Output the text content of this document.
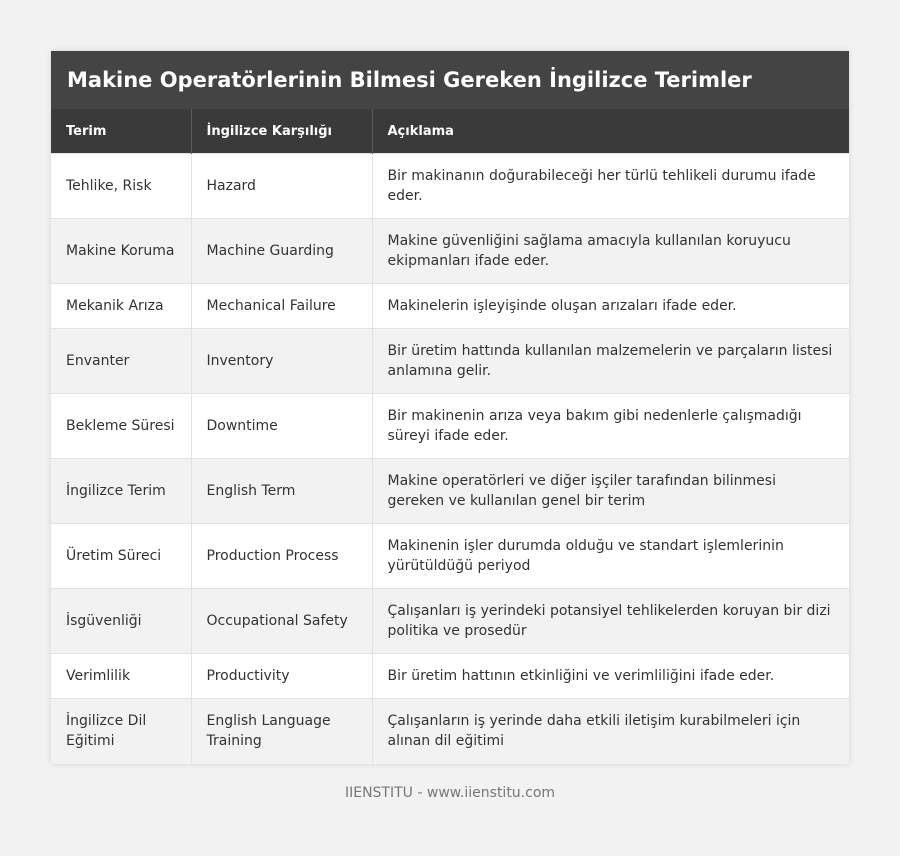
Makine Operatörlerinin Bilmesi Gereken İngilizce Terimler
Terim	İngilizce Karşılığı	Açıklama
Tehlike, Risk	Hazard	Bir makinanın doğurabileceği her türlü tehlikeli durumu ifade eder.
Makine Koruma	Machine Guarding	Makine güvenliğini sağlama amacıyla kullanılan koruyucu ekipmanları ifade eder.
Mekanik Arıza	Mechanical Failure	Makinelerin işleyişinde oluşan arızaları ifade eder.
Envanter	Inventory	Bir üretim hattında kullanılan malzemelerin ve parçaların listesi anlamına gelir.
Bekleme Süresi	Downtime	Bir makinenin arıza veya bakım gibi nedenlerle çalışmadığı süreyi ifade eder.
İngilizce Terim	English Term	Makine operatörleri ve diğer işçiler tarafından bilinmesi gereken ve kullanılan genel bir terim
Üretim Süreci	Production Process	Makinenin işler durumda olduğu ve standart işlemlerinin yürütüldüğü periyod
İsgüvenliği	Occupational Safety	Çalışanları iş yerindeki potansiyel tehlikelerden koruyan bir dizi politika ve prosedür
Verimlilik	Productivity	Bir üretim hattının etkinliğini ve verimliliğini ifade eder.
İngilizce Dil Eğitimi	English Language Training	Çalışanların iş yerinde daha etkili iletişim kurabilmeleri için alınan dil eğitimi
IIENSTITU - www.iienstitu.com
